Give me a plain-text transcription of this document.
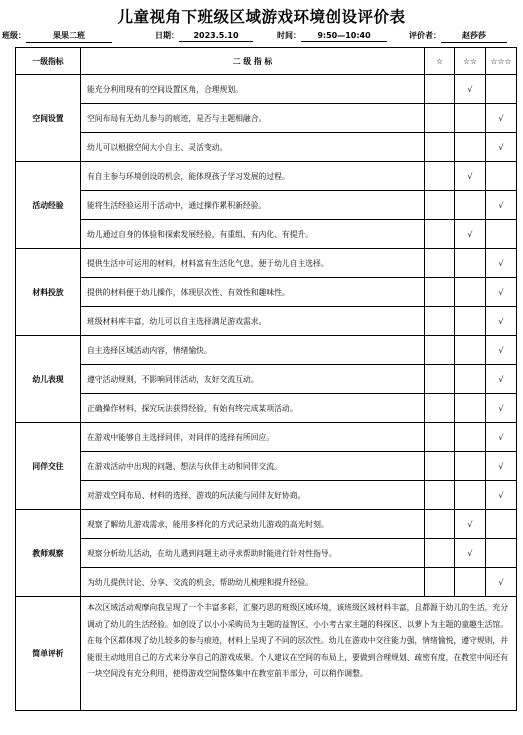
儿童视角下班级区域游戏环境创设评价表
班级：	果果二班	日期： 2023.5.10	时间： 9:50—10:40	评价者：	赵莎莎
一级指标	二 级 指 标	☆	☆☆	☆☆☆
空间设置	能充分利用现有的空间设置区角，合理规划。		√	
	空间布局有无幼儿参与的痕迹，是否与主题相融合。			√
	幼儿可以根据空间大小自主、灵活变动。			√
活动经验	有自主参与环境创设的机会，能体现孩子学习发展的过程。		√	
	能将生活经验运用于活动中，通过操作累积新经验。			√
	幼儿通过自身的体验和探索发展经验，有重组、有内化、有提升。		√	
材料投放	提供生活中可运用的材料，材料富有生活化气息，便于幼儿自主选择。			√
	提供的材料便于幼儿操作，体现层次性、有效性和趣味性。			√
	班级材料库丰富，幼儿可以自主选择满足游戏需求。			√
幼儿表现	自主选择区域活动内容，情绪愉快。			√
	遵守活动规则，不影响同伴活动，友好交流互动。			√
	正确操作材料，探究玩法获得经验，有始有终完成某项活动。			√
同伴交往	在游戏中能够自主选择同伴，对同伴的选择有所回应。			√
	在游戏活动中出现的问题、想法与伙伴主动和同伴交流。			√
	对游戏空间布局、材料的选择、游戏的玩法能与同伴友好协商。			√
教师观察	观察了解幼儿游戏需求，能用多样化的方式记录幼儿游戏的高光时刻。		√	
	观察分析幼儿活动，在幼儿遇到问题主动寻求帮助时能进行针对性指导。		√	
	为幼儿提供讨论、分享、交流的机会，帮助幼儿梳理和提升经验。			√
简单评析	本次区域活动观摩向我呈现了一个丰富多彩，汇聚巧思的班级区域环境，该班级区域材料丰富，且都源于幼儿的生活，充分调动了幼儿的生活经验。如创设了以小小采购员为主题的益智区、小小考古家主题的科探区、以萝卜为主题的童趣生活馆。在每个区都体现了幼儿较多的参与痕迹，材料上呈现了不同的层次性。幼儿在游戏中交往能力强，情绪愉悦，遵守规则，并能很主动地用自己的方式来分享自己的游戏成果。个人建议在空间的布局上，要做到合理规划、疏密有度，在教室中间还有一块空间没有充分利用，使得游戏空间整体集中在教室前半部分，可以稍作调整。			
